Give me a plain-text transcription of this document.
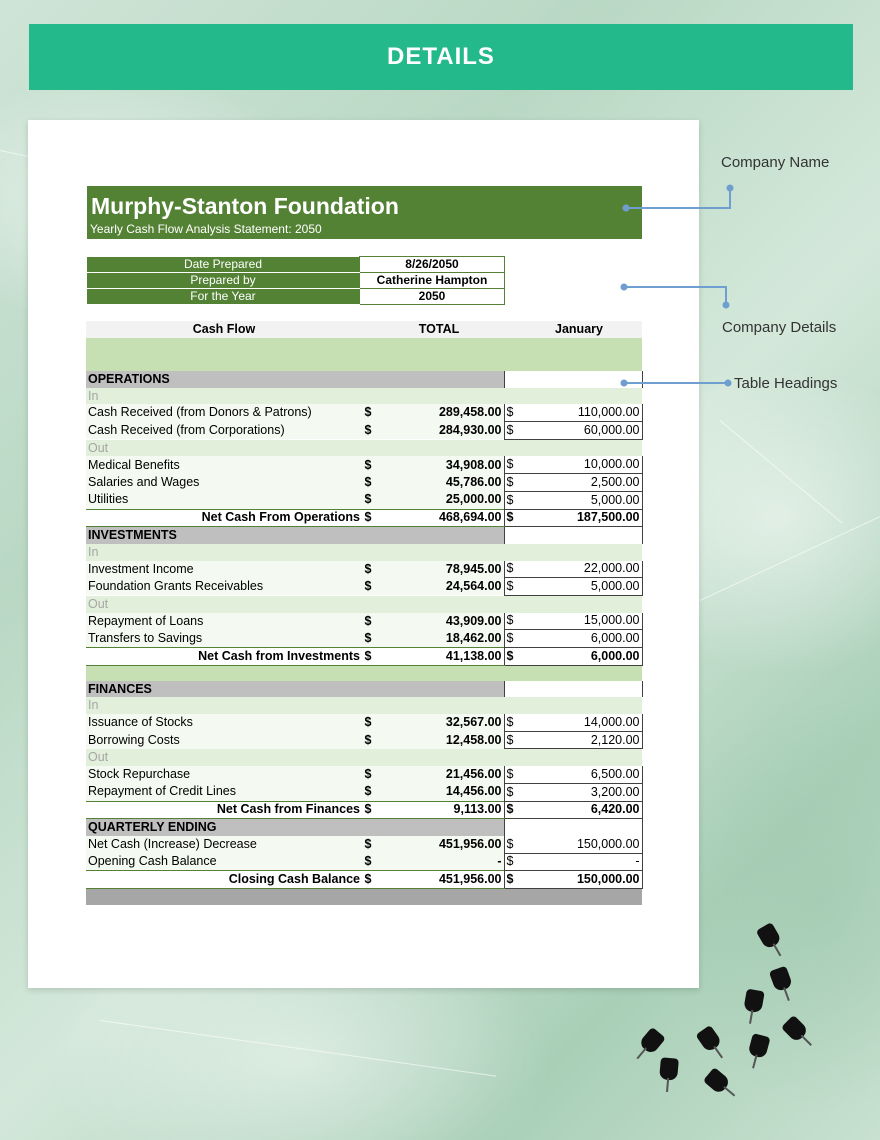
DETAILS
Murphy-Stanton Foundation
Yearly Cash Flow Analysis Statement: 2050
Date Prepared	8/26/2050
Prepared by	Catherine Hampton
For the Year	2050
Cash Flow		TOTAL		January

OPERATIONS				
In				
Cash Received (from Donors & Patrons)	$	289,458.00	$	110,000.00
Cash Received (from Corporations)	$	284,930.00	$	60,000.00
Out				
Medical Benefits	$	34,908.00	$	10,000.00
Salaries and Wages	$	45,786.00	$	2,500.00
Utilities	$	25,000.00	$	5,000.00
Net Cash From Operations	$	468,694.00	$	187,500.00
INVESTMENTS				
In				
Investment Income	$	78,945.00	$	22,000.00
Foundation Grants Receivables	$	24,564.00	$	5,000.00
Out				
Repayment of Loans	$	43,909.00	$	15,000.00
Transfers to Savings	$	18,462.00	$	6,000.00
Net Cash from Investments	$	41,138.00	$	6,000.00

FINANCES				
In				
Issuance of Stocks	$	32,567.00	$	14,000.00
Borrowing Costs	$	12,458.00	$	2,120.00
Out				
Stock Repurchase	$	21,456.00	$	6,500.00
Repayment of Credit Lines	$	14,456.00	$	3,200.00
Net Cash from Finances	$	9,113.00	$	6,420.00
QUARTERLY ENDING				
Net Cash (Increase) Decrease	$	451,956.00	$	150,000.00
Opening Cash Balance	$	-	$	-
Closing Cash Balance	$	451,956.00	$	150,000.00

Company Name
Company Details
Table Headings
